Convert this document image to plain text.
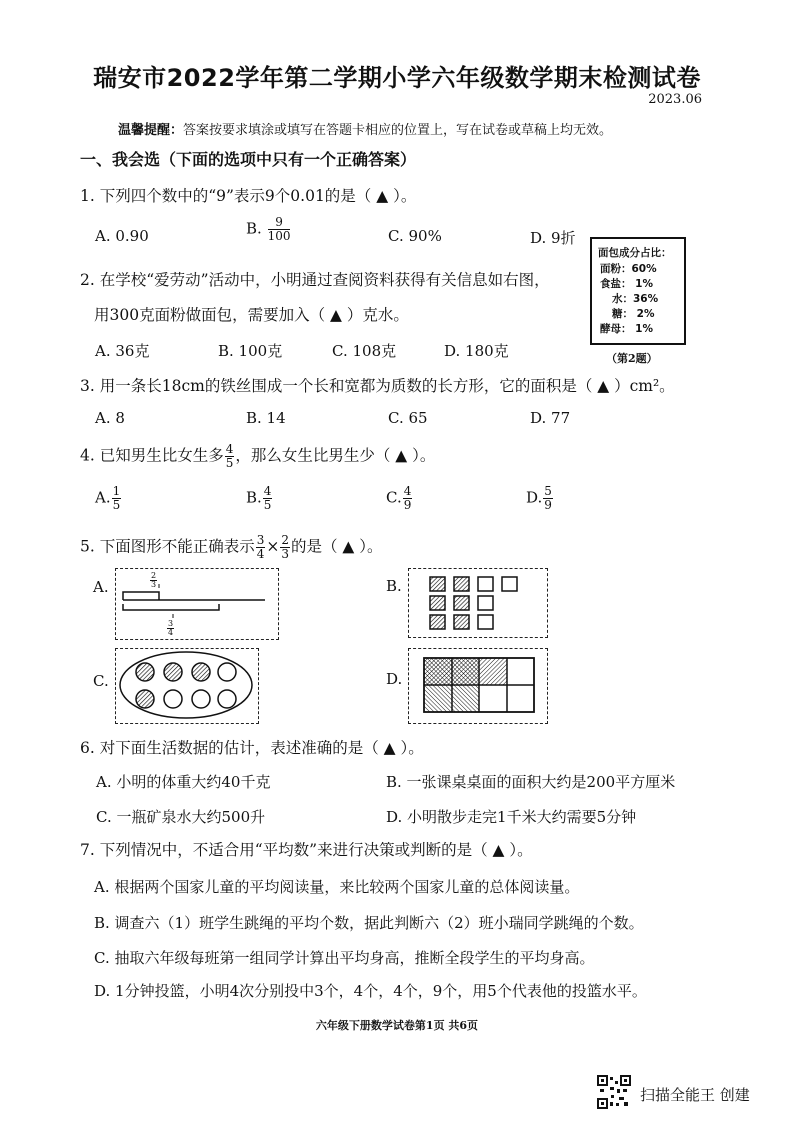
瑞安市2022学年第二学期小学六年级数学期末检测试卷
2023.06
温馨提醒：答案按要求填涂或填写在答题卡相应的位置上，写在试卷或草稿上均无效。
一、我会选（下面的选项中只有一个正确答案）
1. 下列四个数中的“9”表示9个0.01的是（ ▲ ）。
A. 0.90	B. $\frac{9}{100}$	C. 90%	D. 9折
2. 在学校“爱劳动”活动中，小明通过查阅资料获得有关信息如右图，
用300克面粉做面包，需要加入（ ▲ ）克水。
A. 36克	B. 100克	C. 108克	D. 180克
面包成分占比：
面粉：60%
食盐： 1%
水：36%
糖： 2%
酵母： 1%
（第2题）
3. 用一条长18cm的铁丝围成一个长和宽都为质数的长方形，它的面积是（ ▲ ）cm²。
A. 8	B. 14	C. 65	D. 77
4. 已知男生比女生多 $\frac{4}{5}$ ，那么女生比男生少（ ▲ ）。
A. $\frac{1}{5}$	B. $\frac{4}{5}$	C. $\frac{4}{9}$	D. $\frac{5}{9}$
5. 下面图形不能正确表示 $\frac{3}{4} \times \frac{2}{3}$ 的是（ ▲ ）。
A.	$\frac{2}{3}$
$\frac{3}{4}$
B.
C.	D.
6. 对下面生活数据的估计，表述准确的是（ ▲ ）。
A. 小明的体重大约40千克	B. 一张课桌桌面的面积大约是200平方厘米
C. 一瓶矿泉水大约500升	D. 小明散步走完1千米大约需要5分钟
7. 下列情况中，不适合用“平均数”来进行决策或判断的是（ ▲ ）。
A. 根据两个国家儿童的平均阅读量，来比较两个国家儿童的总体阅读量。
B. 调查六（1）班学生跳绳的平均个数，据此判断六（2）班小瑞同学跳绳的个数。
C. 抽取六年级每班第一组同学计算出平均身高，推断全段学生的平均身高。
D. 1分钟投篮，小明4次分别投中3个，4个，4个，9个，用5个代表他的投篮水平。
六年级下册数学试卷第1页 共6页
扫描全能王 创建
